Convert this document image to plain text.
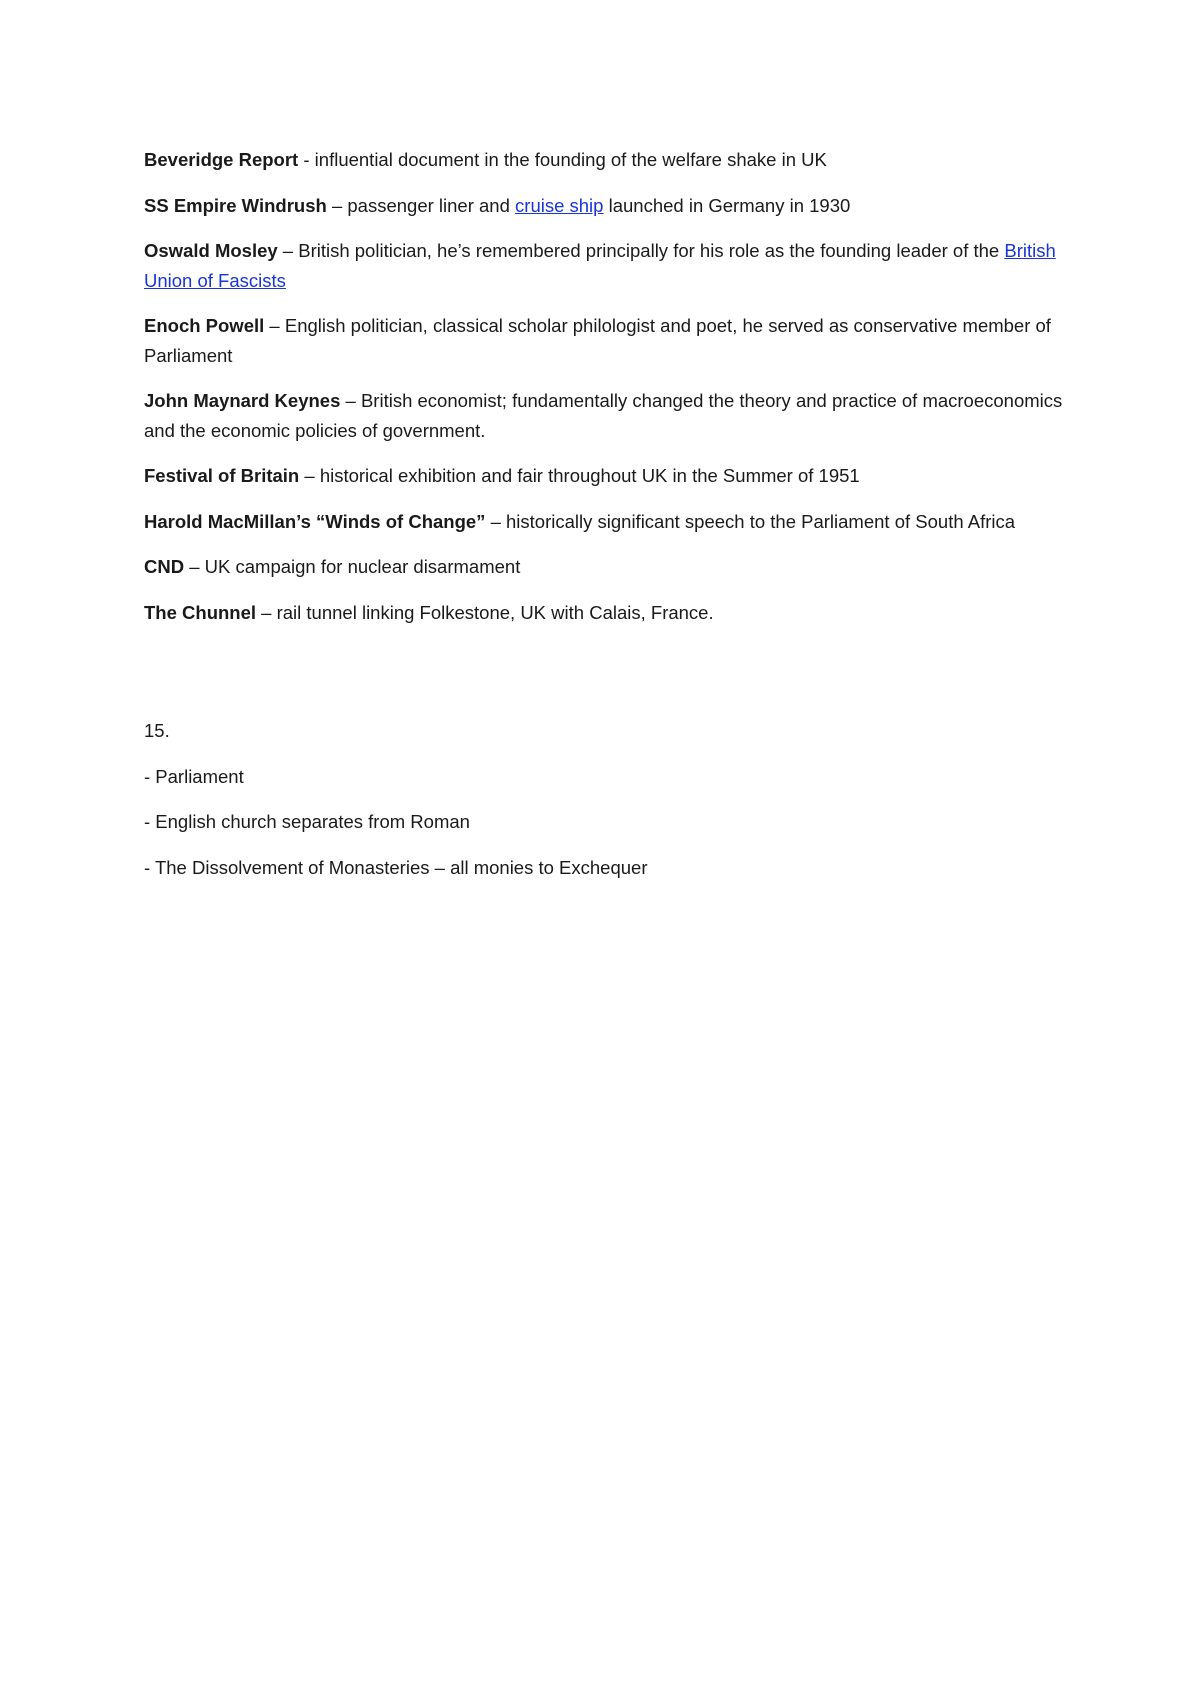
Beveridge Report - influential document in the founding of the welfare shake in UK

SS Empire Windrush – passenger liner and cruise ship launched in Germany in 1930

Oswald Mosley – British politician, he’s remembered principally for his role as the founding leader of the British Union of Fascists

Enoch Powell – English politician, classical scholar philologist and poet, he served as conservative member of Parliament

John Maynard Keynes – British economist; fundamentally changed the theory and practice of macroeconomics and the economic policies of government.

Festival of Britain – historical exhibition and fair throughout UK in the Summer of 1951

Harold MacMillan’s “Winds of Change” – historically significant speech to the Parliament of South Africa

CND – UK campaign for nuclear disarmament

The Chunnel – rail tunnel linking Folkestone, UK with Calais, France.

15.

- Parliament

- English church separates from Roman

- The Dissolvement of Monasteries – all monies to Exchequer
